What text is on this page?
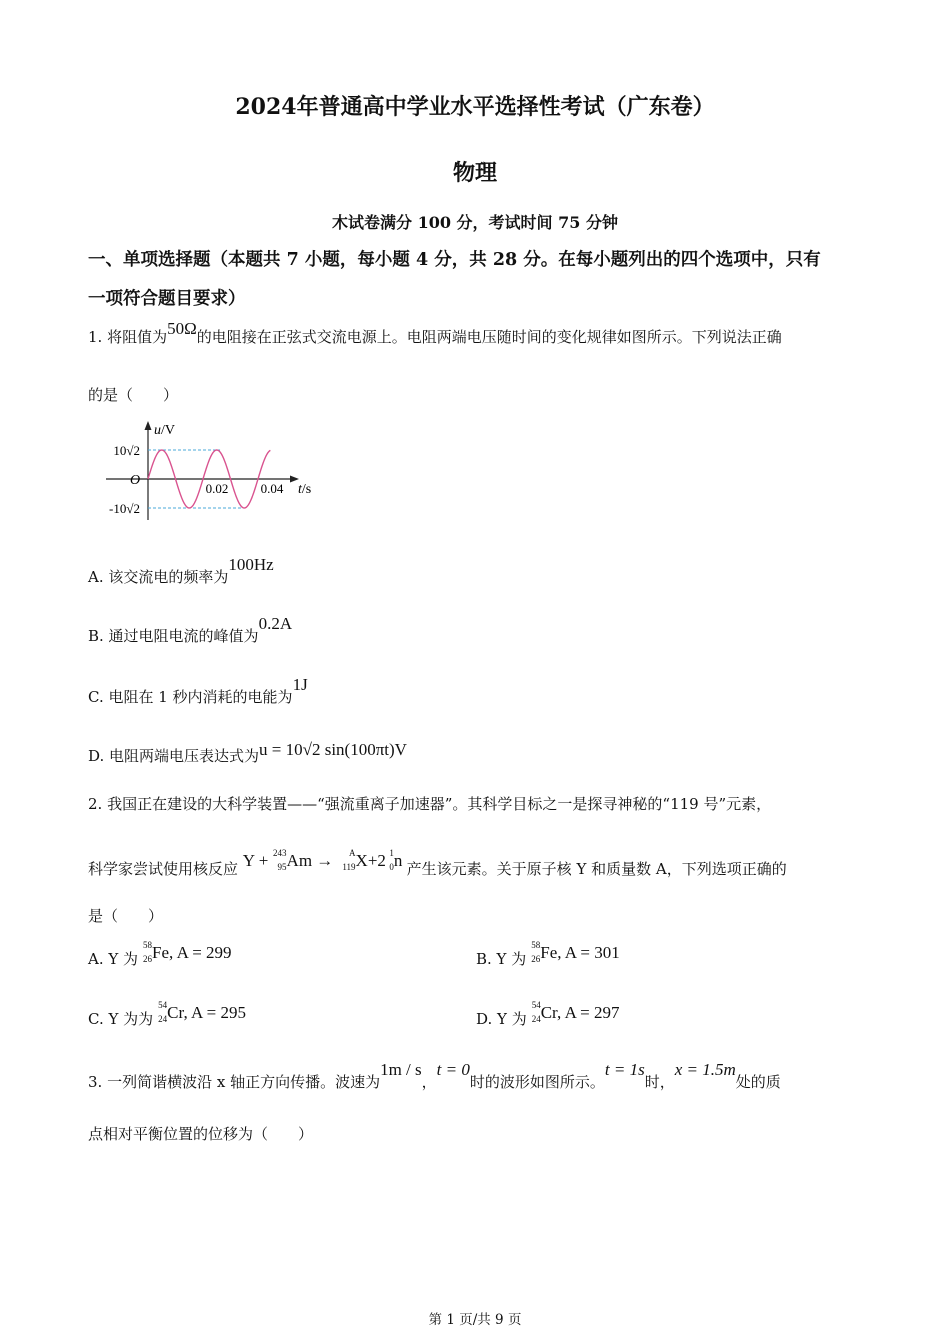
2024年普通高中学业水平选择性考试（广东卷）
物理
木试卷满分 100 分，考试时间 75 分钟
一、单项选择题（本题共 7 小题，每小题 4 分，共 28 分。在每小题列出的四个选项中，只有
一项符合题目要求）
1. 将阻值为50Ω的电阻接在正弦式交流电源上。电阻两端电压随时间的变化规律如图所示。下列说法正确
的是（　　）
u/V
t/s
O
10√2
-10√2
0.02 0.04
A. 该交流电的频率为100Hz
B. 通过电阻电流的峰值为0.2A
C. 电阻在 1 秒内消耗的电能为1J
D. 电阻两端电压表达式为u = 10√2 sin(100πt)V
2. 我国正在建设的大科学装置——“强流重离子加速器”。其科学目标之一是探寻神秘的“119 号”元素，
科学家尝试使用核反应 Y + 243
95 Am → A
119 X+2 1
0 n 产生该元素。关于原子核 Y 和质量数 A，下列选项正确的
是（　　）
A. Y 为
58
26 Fe, A = 299	B. Y 为
58
26 Fe, A = 301
C. Y 为为
54
24 Cr, A = 295	D. Y 为
54
24 Cr, A = 297
3. 一列简谐横波沿 x 轴正方向传播。波速为1m / s，t = 0时的波形如图所示。t = 1s时，x = 1.5m处的质
点相对平衡位置的位移为（　　）
第 1 页/共 9 页
